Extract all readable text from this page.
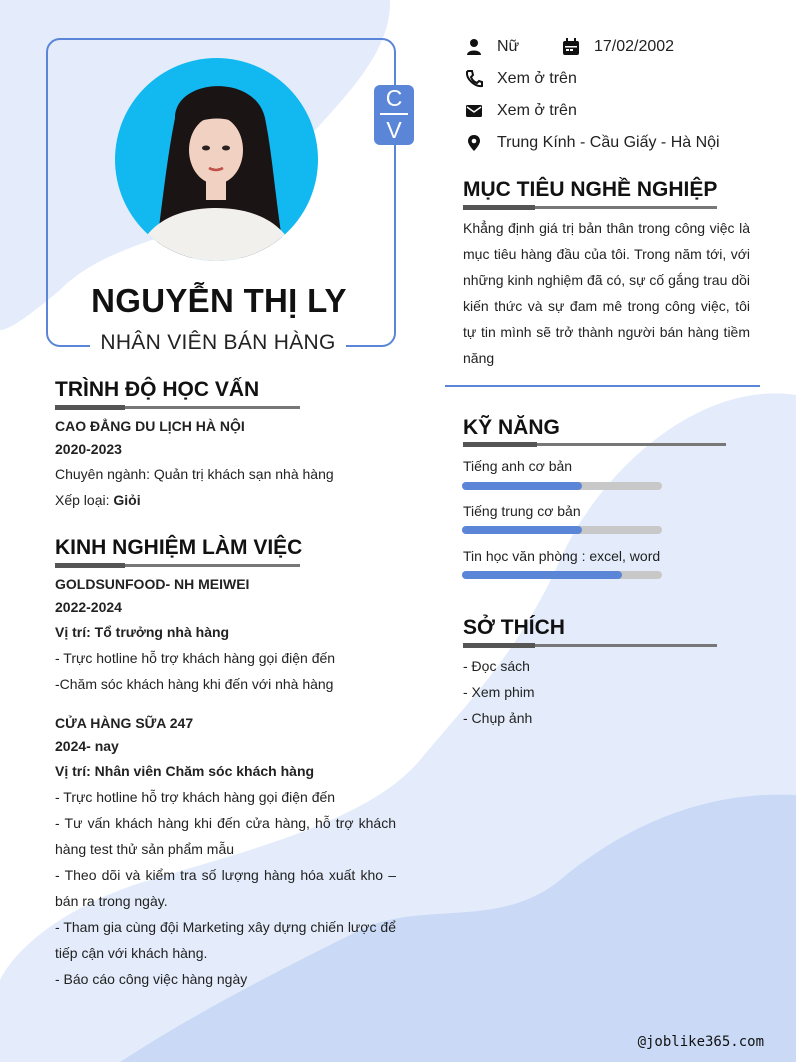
C
V
NGUYỄN THỊ LY
NHÂN VIÊN BÁN HÀNG
Nữ	17/02/2002
Xem ở trên
Xem ở trên
Trung Kính - Cầu Giấy - Hà Nội
MỤC TIÊU NGHỀ NGHIỆP
Khẳng định giá trị bản thân trong công việc là mục tiêu hàng đầu của tôi. Trong năm tới, với những kinh nghiệm đã có, sự cố gắng trau dồi kiến thức và sự đam mê trong công việc, tôi tự tin mình sẽ trở thành người bán hàng tiềm năng
KỸ NĂNG
Tiếng anh cơ bản
Tiếng trung cơ bản
Tin học văn phòng : excel, word
SỞ THÍCH
- Đọc sách
- Xem phim
- Chụp ảnh
TRÌNH ĐỘ HỌC VẤN
CAO ĐẲNG DU LỊCH HÀ NỘI
2020-2023
Chuyên ngành: Quản trị khách sạn nhà hàng
Xếp loại: Giỏi
KINH NGHIỆM LÀM VIỆC
GOLDSUNFOOD- NH MEIWEI
2022-2024
Vị trí: Tổ trưởng nhà hàng
- Trực hotline hỗ trợ khách hàng gọi điện đến
-Chăm sóc khách hàng khi đến với nhà hàng
CỬA HÀNG SỮA 247
2024- nay
Vị trí: Nhân viên Chăm sóc khách hàng
- Trực hotline hỗ trợ khách hàng gọi điện đến
- Tư vấn khách hàng khi đến cửa hàng, hỗ trợ khách hàng test thử sản phẩm mẫu
- Theo dõi và kiểm tra số lượng hàng hóa xuất kho – bán ra trong ngày.
- Tham gia cùng đội Marketing xây dựng chiến lược để tiếp cận với khách hàng.
- Báo cáo công việc hàng ngày
@joblike365.com
